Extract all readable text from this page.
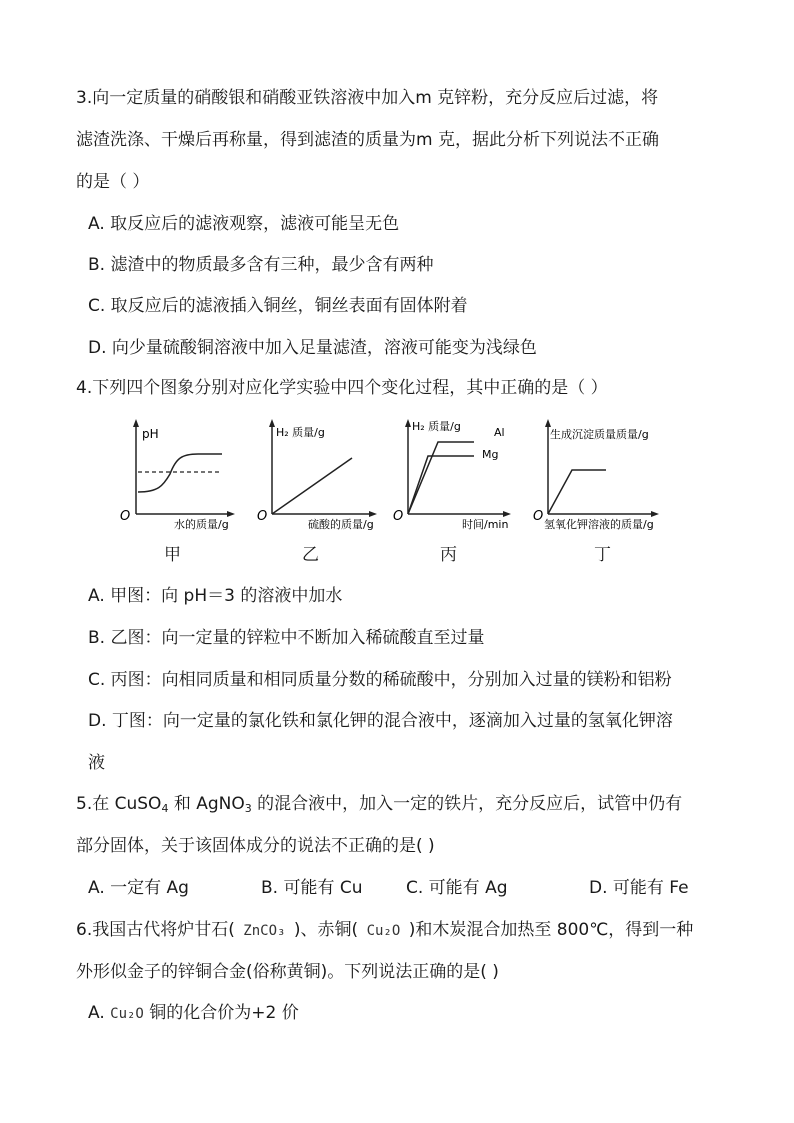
3.向一定质量的硝酸银和硝酸亚铁溶液中加入m 克锌粉，充分反应后过滤，将
滤渣洗涤、干燥后再称量，得到滤渣的质量为m 克，据此分析下列说法不正确
的是（ ）
A. 取反应后的滤液观察，滤液可能呈无色
B. 滤渣中的物质最多含有三种，最少含有两种
C. 取反应后的滤液插入铜丝，铜丝表面有固体附着
D. 向少量硫酸铜溶液中加入足量滤渣，溶液可能变为浅绿色
4.下列四个图象分别对应化学实验中四个变化过程，其中正确的是（ ）
pH
O
水的质量/g
甲
H₂ 质量/g
O
硫酸的质量/g
乙
H₂ 质量/g	Al
Mg
O
时间/min
丙
生成沉淀质量质量/g
O
氢氧化钾溶液的质量/g
丁
A. 甲图：向 pH＝3 的溶液中加水
B. 乙图：向一定量的锌粒中不断加入稀硫酸直至过量
C. 丙图：向相同质量和相同质量分数的稀硫酸中，分别加入过量的镁粉和铝粉
D. 丁图：向一定量的氯化铁和氯化钾的混合液中，逐滴加入过量的氢氧化钾溶
液
5.在 CuSO$_4$ 和 AgNO$_3$ 的混合液中，加入一定的铁片，充分反应后，试管中仍有
部分固体，关于该固体成分的说法不正确的是( )
A. 一定有 Ag	B. 可能有 Cu	C. 可能有 Ag	D. 可能有 Fe
6.我国古代将炉甘石( ZnCO₃ )、赤铜( Cu₂O )和木炭混合加热至 800℃，得到一种
外形似金子的锌铜合金(俗称黄铜)。下列说法正确的是( )
A. Cu₂O 铜的化合价为+2 价
